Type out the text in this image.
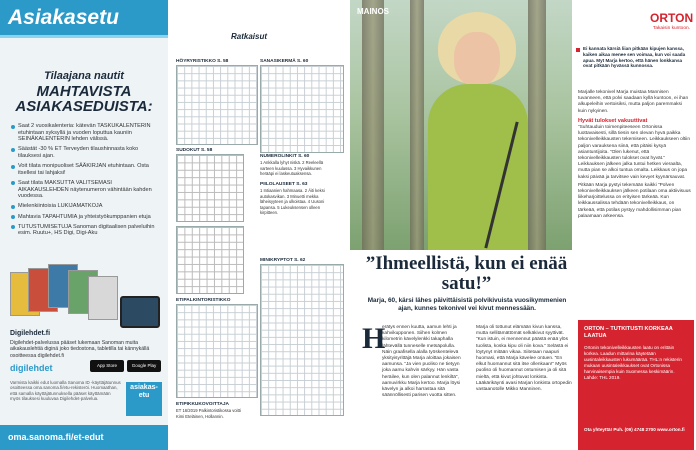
Asiakasetu
Tilaajana nautit
MAHTAVISTA ASIAKASEDUISTA:
Saat 2 vuosikalenteria: kätevän TASKUKALENTERIN etuhintaan syksyllä ja vuoden loputtua kauniin SEINÄKALENTERIN lehden välissä.
Säästät -30 % ET Terveyden tilaushinnasta koko tilauksesi ajan.
Voit tilata monipuoliset SÄÄKIRJAN etuhintaan. Ostа itsellesi tai lahjaksi!
Saat tilata MAKSUTTA VALITSEMASI AIKAKAUSLEHDEN näytenumeron vähintään kahden vuodessa.
Mielenkiintoisia LUKIJAMATKOJA
Mahtavia TAPAHTUMIA ja yhteistyökumppanien etuja
TUTUSTUMISETUJA Sanoman digitaalisen palveluihin esim. Ruutu+, HS Digi, Digi-Aku
Digilehdet.fi
Digilehdet-palvelussa pääset lukemaan Sanoman muita aikakauslehtiä diginä joko tiedostona, tabletilla tai kännykällä osoitteessa digilehdet.fi
digilehdet	App Store	Google Play
Varmista kaikki edut luomalla Sanoma ID -käyttäjätunnus osoitteessa oma.sanoma.fi/etu-rekisteröi. Huomaathan, että samalla käyttäjätunnuksella pääset käyttämään myös tilauksesi kuuluvaa Digilehdet-palvelua.
asiakas-etu
oma.sanoma.fi/et-edut
Ratkaisut
HÖYRYRISTIKKO S. 58	SANASIKERMÄ S. 60
SUDOKUT S. 58
NUMEROLINKIT S. 60
1 Ankkalla lyhyt niskä. 2 Reeleellä varteen kuulassa. 3 Hyvaikkunen herääpi ei laskeutuaksensa.
PIILOLAUSEET S. 63
1 Intiaanien hahmaasa. 2 Äiti keksi autokasvikan. 3 Minuetti mekka läheisyyteen ja ulkoistaa. 4 Uusoni tapansa. 5 Lukeuksensen olleen kirpitteen.
MINIKRYPTOT S. 62
ETIPALKINTORISTIKKO
ETIPIKKUKOVOITTAJA
ET 16/2019 Palkintoristikossa voitti Kimi Eteläinen, Hollannin.
MAINOS	ORTON
Takaisin kuntoon.
Ei kannata kärsiä liian pitkään kipujen kanssa, kaiken aikaa menee sen voimaa, kun voi saada apua. Myt Marja kertoo, että hänen lonkkansa ovat pitkään hyvässä kunnossa.
”Ihmeellistä, kun ei enää satu!”
Marja, 60, kärsi lähes päivittäisistä polvikivuista vuosikymmenien ajan, kunnes tekonivel vei kivut mennessään.
H
erätys ennen kuutta, aamun lehti ja kahvikupponen. Siihen kolmen kilometrin kävelylenkki takaphalla lähtevällä tunneselle metsäpolulla. Näin graafisella alalla työskentelevä yksityisyrittäjä Marja aloittaa jokaisen aamunsa. ”Ja vien puoliso ne tietyyn joka aamu kahvin särkyy. Hän vasta heräilee, kun olen palannut lenkiltä”, aamuvirkku Marja kertoo. Marja löysi kävelyn ja alkoi harrastaa sitä säännöllisesti parisen vuotta sitten.
Marja oli tottunut elämään kivun kanssa, mutta sellitämättömät selkäkivut syyttivät. ”Kun istuin, ei mennennut päästä enää ylös tuolista, koska kipu oli niin kova.” Selästä ei löytynyt mitään vikaa. Siitetaan naapuri huomasi, että Marja kävelee ontuen. ”En elkut huomannut sitä itse ollenkaan!” Myös puoliso oli huomannut ontumisen ja oli sitä mieltä, että kivut johtuvat lonkista. Lääkärikäynti avasi Marjan lonkista ortopedin vastaanotolle Mikko Manninen.

Marjalle tekonivel Marja muistaa Mannisen tuvanneen, että polvi saadaan kyllä kuntoon, ei ihan alkupeleihin vertoisiksi, mutta paljon paremmaksi kuin nykyinen.

Hyvät tulokset vakuuttivat

”Suhtauduin toimenpiteeseen Ortonissa luottavaisesti, sillä tiesin sen olevan hyvä paikka tekonivelleikkausten tekemiseen. Leikkaukseen oltiin paljon varauksena siinä, että pitäisi kysyä asiantuntijoita. ”Olen lukenut, että tekonivelleikkausten tulokset ovat hyvät.” Leikkauksen jälkeen jalka tuntui hetken vieraalta, mutta pian se alkoi tuntua omalta. Leikkaus on jopa kaksi päivää ja tarvitsee vain kevyet kyynärsauvat.

Pitkään Marja pystyi tekemään kaikki ”Polven tekonivelleikkauksen jälkeen potilaan oma aktiivisuus liikeharjoittelussa on erityisen tärkeää. Kun leikkaussalissa tehdään tekonivelleikkaus, on tärkeää, että potilas pystyy mahdollisimman pian palaamaan arkeensa.

ORTON – TUTKITUSTI KORKEAA LAATUA
Ortonin tekonivelleikkausten laatu on erittäin korkea. Laadun mittarina käytetään uusintaleikkausten lukumäärää. THL:n rekisterin mukaan uusintaleikkaukset ovat Ortonissa harvinaisempia kuin Suomessa keskimäärin. Lähde: THL 2019.
Ota yhteyttä! Puh. (09) 4748 2700 www.orton.fi
